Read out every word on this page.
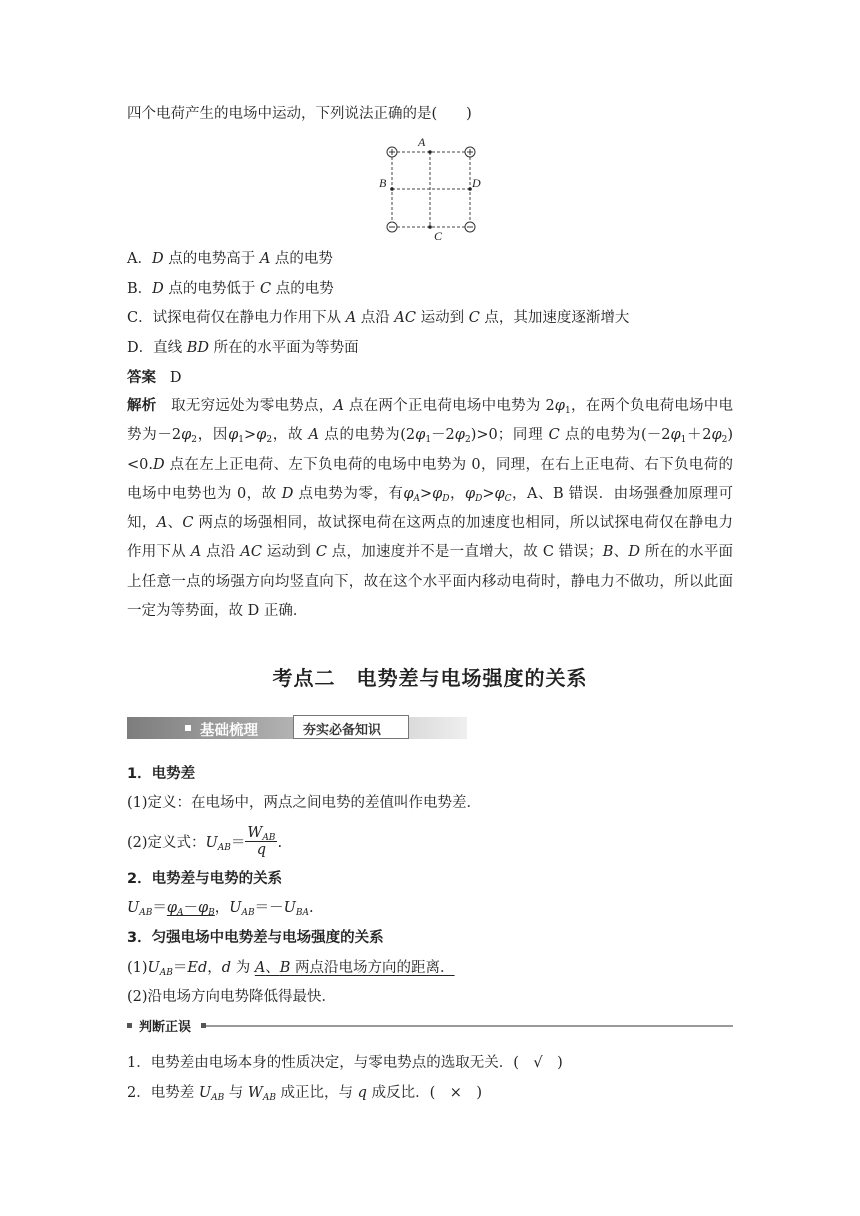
四个电荷产生的电场中运动，下列说法正确的是(　　)
A
B
C
D
A．D 点的电势高于 A 点的电势
B．D 点的电势低于 C 点的电势
C．试探电荷仅在静电力作用下从 A 点沿 AC 运动到 C 点，其加速度逐渐增大
D．直线 BD 所在的水平面为等势面
答案 D
解析 取无穷远处为零电势点，A 点在两个正电荷电场中电势为 $2\varphi_1$，在两个负电荷电场中电势为$-2\varphi_2$，因$\varphi_1>\varphi_2$，故 A 点的电势为$(2\varphi_1-2\varphi_2)>0$；同理 C 点的电势为$(-2\varphi_1+2\varphi_2)<0.D$ 点在左上正电荷、左下负电荷的电场中电势为 0，同理，在右上正电荷、右下负电荷的电场中电势也为 0，故 D 点电势为零，有$\varphi_A>\varphi_D$，$\varphi_D>\varphi_C$，A、B 错误．由场强叠加原理可知，A、C 两点的场强相同，故试探电荷在这两点的加速度也相同，所以试探电荷仅在静电力作用下从 A 点沿 AC 运动到 C 点，加速度并不是一直增大，故 C 错误；B、D 所在的水平面上任意一点的场强方向均竖直向下，故在这个水平面内移动电荷时，静电力不做功，所以此面一定为等势面，故 D 正确．
考点二　电势差与电场强度的关系
基础梳理	夯实必备知识
1．电势差
(1)定义：在电场中，两点之间电势的差值叫作电势差．
(2)定义式：$U_{AB}= \frac{W_{AB}}{q}$ .
2．电势差与电势的关系
$U_{AB}=\varphi_A-\varphi_B$，$U_{AB}=-U_{BA}$.
3．匀强电场中电势差与电场强度的关系
$(1)U_{AB}=Ed$，d 为 A、B 两点沿电场方向的距离．
(2)沿电场方向电势降低得最快．
判断正误
1．电势差由电场本身的性质决定，与零电势点的选取无关．(　√　)
2．电势差 $U_{AB}$ 与 $W_{AB}$ 成正比，与 q 成反比．(　×　)
